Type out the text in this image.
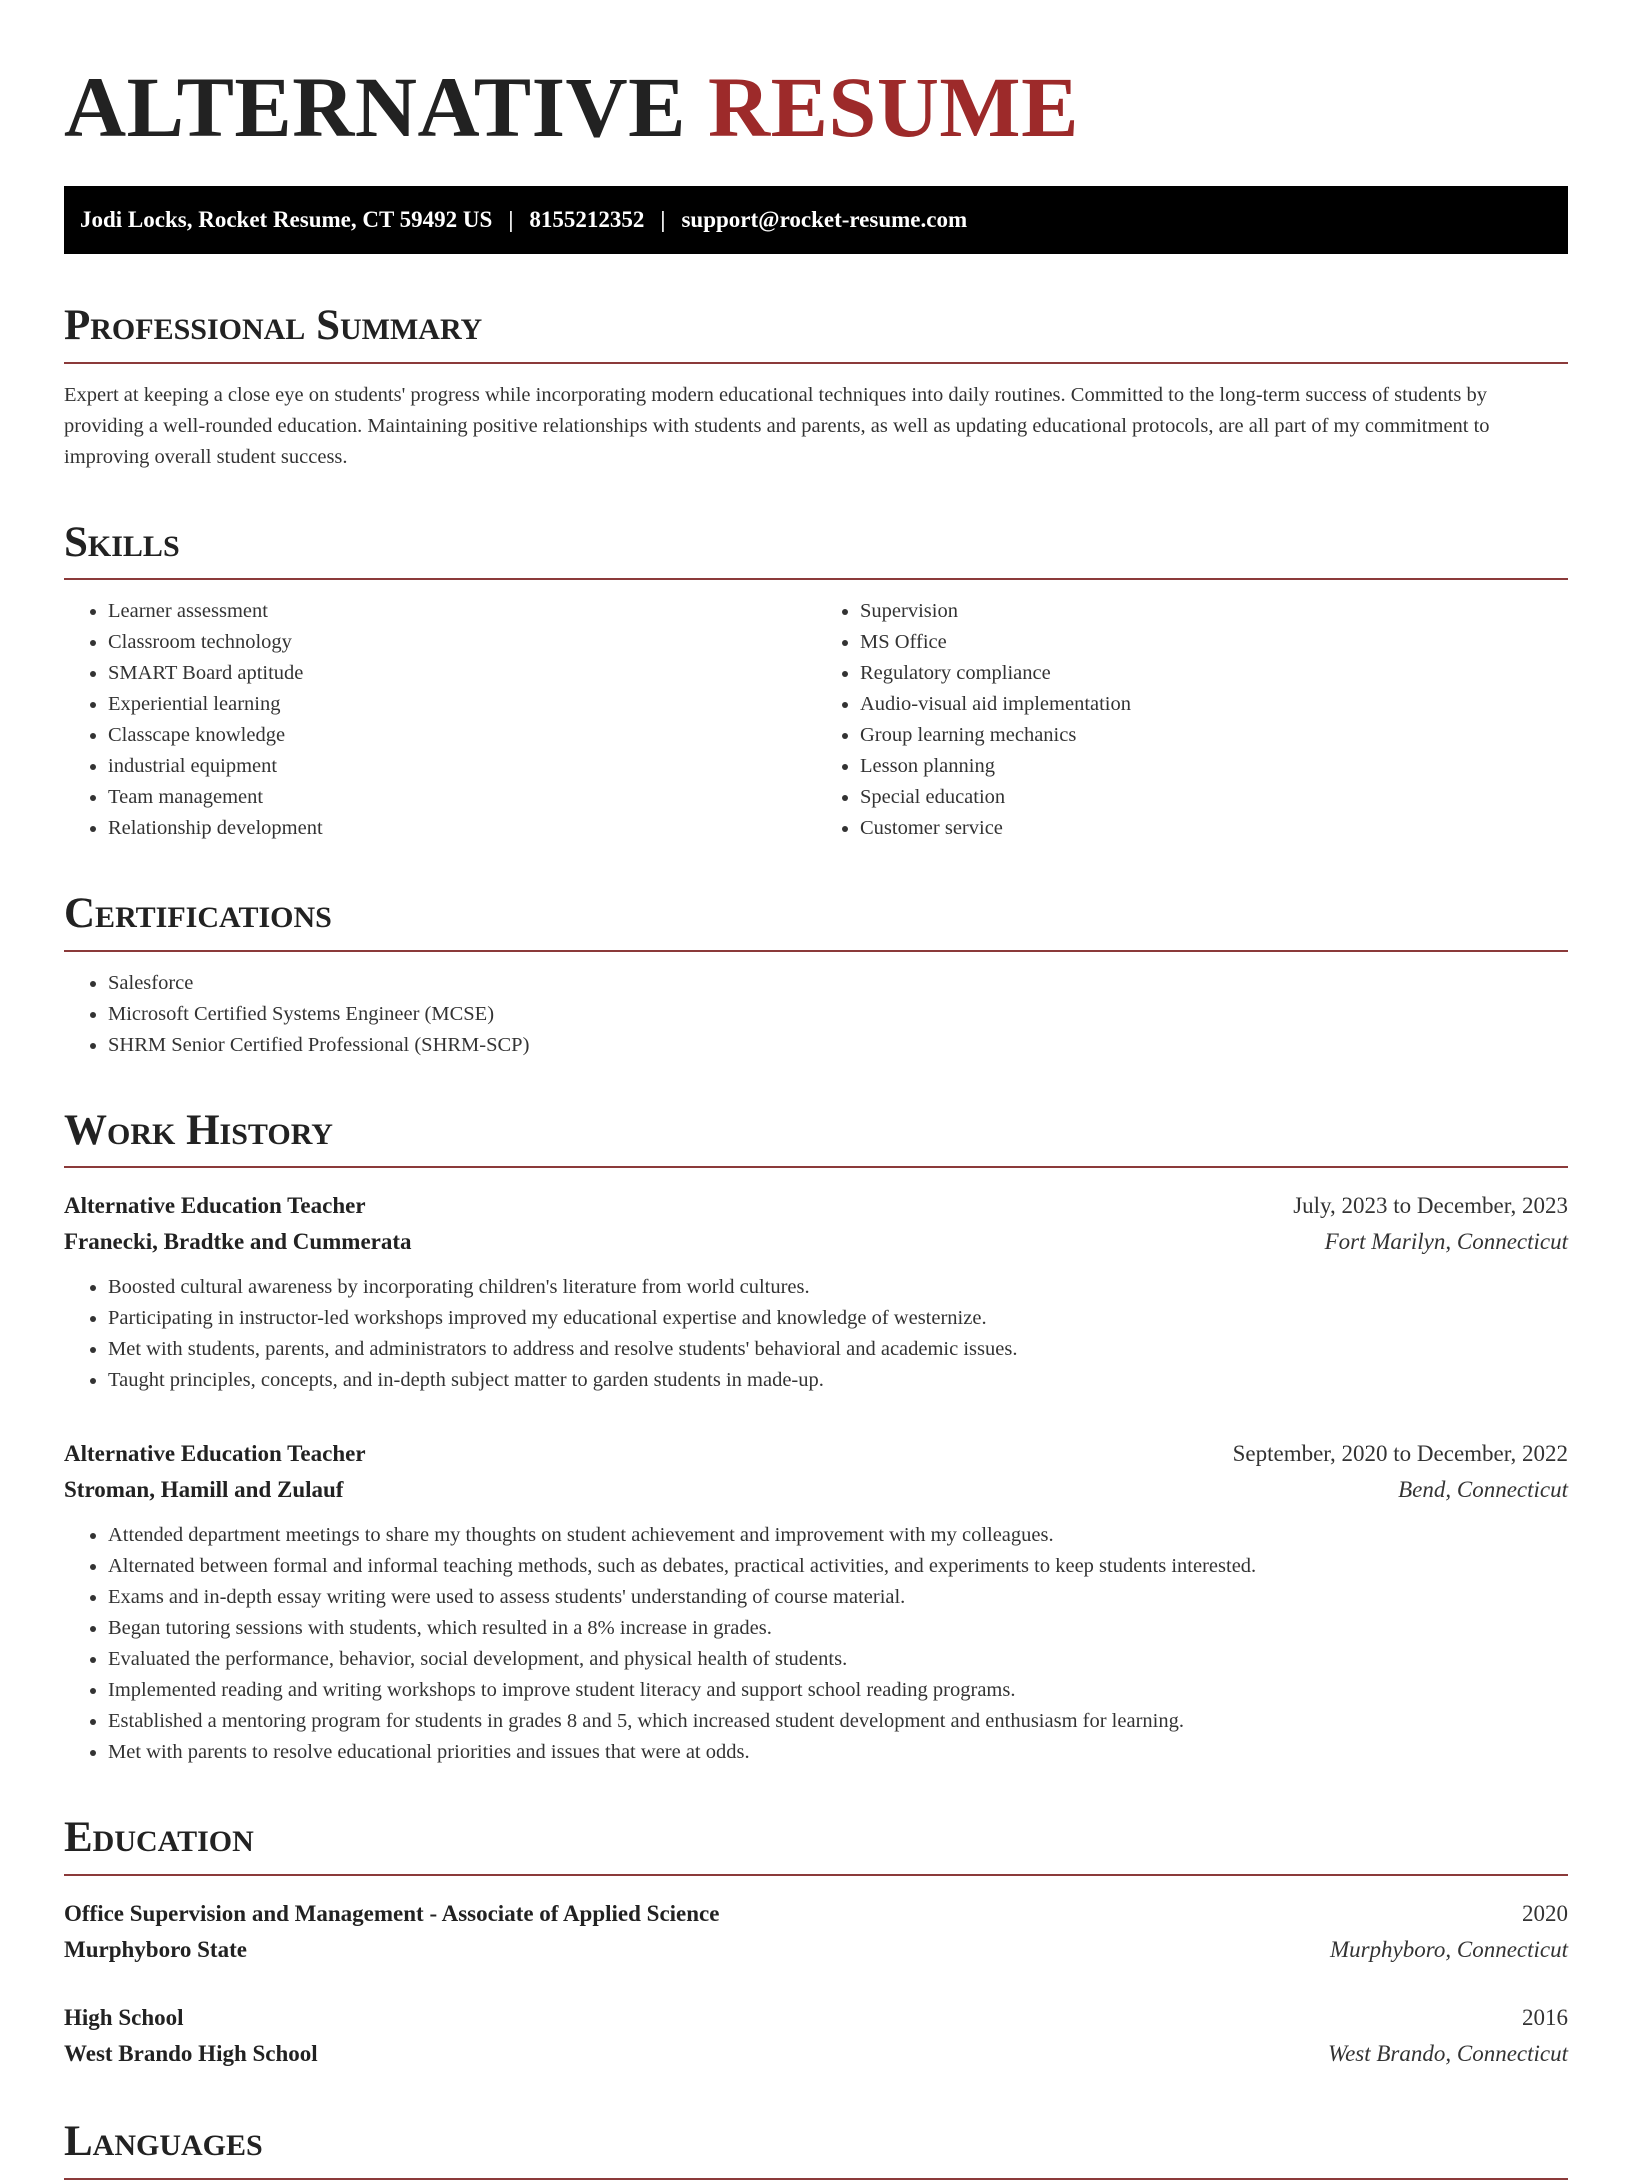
ALTERNATIVE RESUME
Jodi Locks, Rocket Resume, CT 59492 US | 8155212352 | support@rocket-resume.com
Professional Summary

Expert at keeping a close eye on students' progress while incorporating modern educational techniques into daily routines. Committed to the long-term success of students by providing a well-rounded education. Maintaining positive relationships with students and parents, as well as updating educational protocols, are all part of my commitment to improving overall student success.

Skills
• Learner assessment
• Classroom technology
• SMART Board aptitude
• Experiential learning
• Classcape knowledge
• industrial equipment
• Team management
• Relationship development
• Supervision
• MS Office
• Regulatory compliance
• Audio-visual aid implementation
• Group learning mechanics
• Lesson planning
• Special education
• Customer service
Certifications
• Salesforce
• Microsoft Certified Systems Engineer (MCSE)
• SHRM Senior Certified Professional (SHRM-SCP)
Work History
Alternative Education Teacher	July, 2023 to December, 2023
Franecki, Bradtke and Cummerata	Fort Marilyn, Connecticut
• Boosted cultural awareness by incorporating children's literature from world cultures.
• Participating in instructor-led workshops improved my educational expertise and knowledge of westernize.
• Met with students, parents, and administrators to address and resolve students' behavioral and academic issues.
• Taught principles, concepts, and in-depth subject matter to garden students in made-up.
Alternative Education Teacher	September, 2020 to December, 2022
Stroman, Hamill and Zulauf	Bend, Connecticut
• Attended department meetings to share my thoughts on student achievement and improvement with my colleagues.
• Alternated between formal and informal teaching methods, such as debates, practical activities, and experiments to keep students interested.
• Exams and in-depth essay writing were used to assess students' understanding of course material.
• Began tutoring sessions with students, which resulted in a 8% increase in grades.
• Evaluated the performance, behavior, social development, and physical health of students.
• Implemented reading and writing workshops to improve student literacy and support school reading programs.
• Established a mentoring program for students in grades 8 and 5, which increased student development and enthusiasm for learning.
• Met with parents to resolve educational priorities and issues that were at odds.
Education
Office Supervision and Management - Associate of Applied Science	2020
Murphyboro State	Murphyboro, Connecticut
High School	2016
West Brando High School	West Brando, Connecticut
Languages
